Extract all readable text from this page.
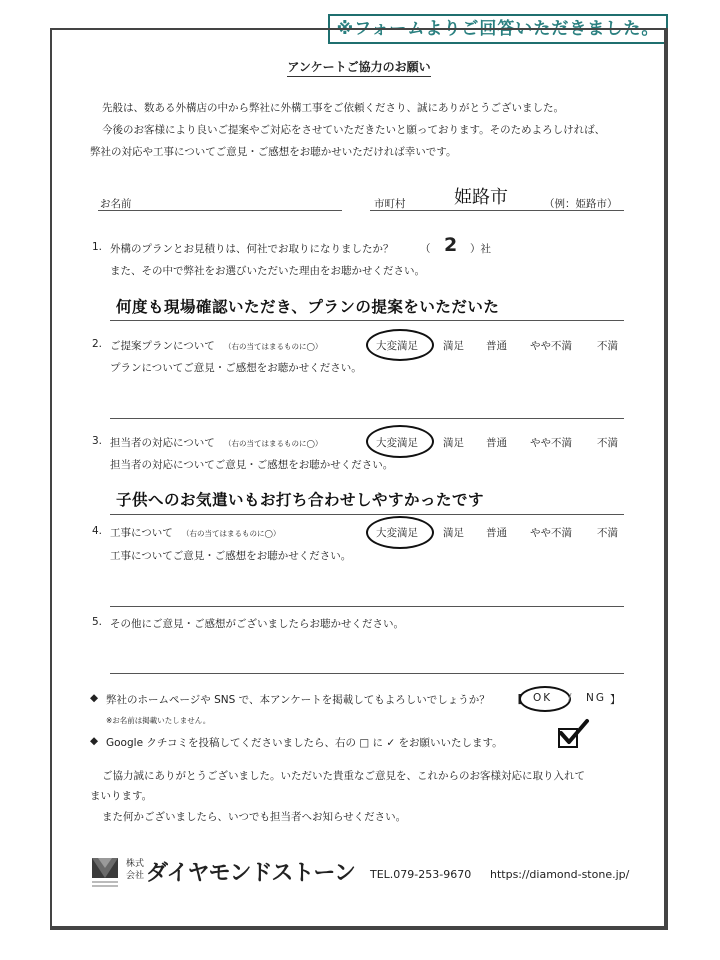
※フォームよりご回答いただきました。
アンケートご協力のお願い
先般は、数ある外構店の中から弊社に外構工事をご依頼くださり、誠にありがとうございました。
今後のお客様により良いご提案やご対応をさせていただきたいと願っております。そのためよろしければ、
弊社の対応や工事についてご意見・ご感想をお聴かせいただければ幸いです。
お名前	市町村	姫路市	（例：姫路市）
1. 外構のプランとお見積りは、何社でお取りになりましたか？	（ 2 ）社
また、その中で弊社をお選びいただいた理由をお聴かせください。
何度も現場確認いただき、プランの提案をいただいた
2. ご提案プランについて （右の当てはまるものに◯）	大変満足 満足 普通 やや不満 不満
プランについてご意見・ご感想をお聴かせください。
3. 担当者の対応について （右の当てはまるものに◯）	大変満足 満足 普通 やや不満 不満
担当者の対応についてご意見・ご感想をお聴かせください。
子供へのお気遣いもお打ち合わせしやすかったです
4. 工事について （右の当てはまるものに◯）	大変満足 満足 普通 やや不満 不満
工事についてご意見・ご感想をお聴かせください。
5. その他にご意見・ご感想がございましたらお聴かせください。
◆ 弊社のホームページや SNS で、本アンケートを掲載してもよろしいでしょうか？ 【 OK / NG 】
※お名前は掲載いたしません。
◆ Google クチコミを投稿してくださいましたら、右の □ に ✓ をお願いいたします。
ご協力誠にありがとうございました。いただいた貴重なご意見を、これからのお客様対応に取り入れて
まいります。
また何かございましたら、いつでも担当者へお知らせください。
株式
会社 ダイヤモンドストーン TEL.079-253-9670 https://diamond-stone.jp/
